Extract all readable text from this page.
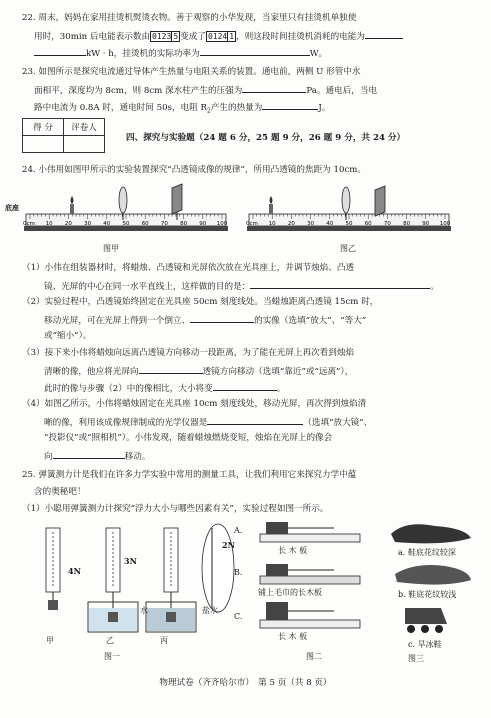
22. 周末，妈妈在家用挂烫机熨烫衣物。善于观察的小华发现，当家里只有挂烫机单独使
用时，30min 后电能表示数由 0123 5 变成了 0124 1 ，则这段时间挂烫机消耗的电能为
kW · h，挂烫机的实际功率为	W。
23. 如图所示是探究电流通过导体产生热量与电阻关系的装置。通电前，两侧 U 形管中水
面相平，深度均为 8cm，则 8cm 深水柱产生的压强为	Pa。通电后，当电
路中电流为 0.8A 时，通电时间 50s，电阻 $R_2$产生的热量为	J。
得 分	评卷人

四、探究与实验题（24 题 6 分，25 题 9 分，26 题 9 分，共 24 分）
24. 小伟用如图甲所示的实验装置探究“凸透镜成像的规律”，所用凸透镜的焦距为 10cm。
0cm 10 20 30 40 50 60 70 80 90 100
底座
图甲
0cm 10 20 30 40 50 60 70 80 90 100
图乙
（1）小伟在组装器材时，将蜡烛、凸透镜和光屏依次放在光具座上，并调节烛焰、凸透
镜、光屏的中心在同一水平直线上，这样做的目的是：	。
（2）实验过程中，凸透镜始终固定在光具座 50cm 刻度线处。当蜡烛距离凸透镜 15cm 时，
移动光屏，可在光屏上得到一个倒立、	的实像（选填“放大”、“等大”
或“缩小”）。
（3）接下来小伟将蜡烛向远离凸透镜方向移动一段距离，为了能在光屏上再次看到烛焰
清晰的像，他应将光屏向	透镜方向移动（选填“靠近”或“远离”），
此时的像与步骤（2）中的像相比，大小将变	。
（4）如图乙所示，小伟将蜡烛固定在光具座 10cm 刻度线处，移动光屏，再次得到烛焰清
晰的像，利用该成像规律制成的光学仪器是	（选填“放大镜”、
“投影仪”或“照相机”）。小伟发现，随着蜡烛燃烧变短，烛焰在光屏上的像会
向	移动。
25. 弹簧测力计是我们在许多力学实验中常用的测量工具，让我们利用它来探究力学中蕴
含的奥秘吧！
（1）小聪用弹簧测力计探究“浮力大小与哪些因素有关”，实验过程如图一所示。
4N
3N
2N
水	盐水
甲	乙	丙
图一
A.
B.
C.
长 木 板
铺上毛巾的长木板
长 木 板
图二
a. 鞋底花纹较深
b. 鞋底花纹较浅
c. 旱冰鞋
图三
物理试卷（齐齐哈尔市）　第 5 页（共 8 页）
